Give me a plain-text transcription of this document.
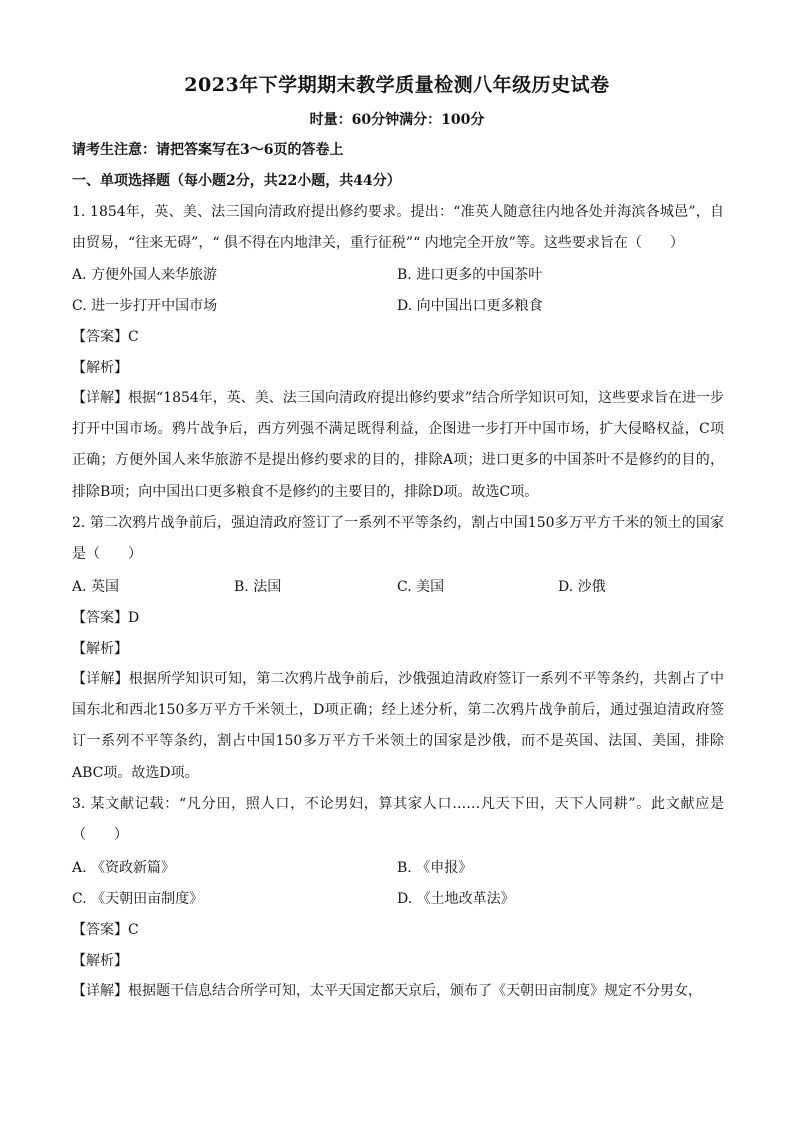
2023年下学期期末教学质量检测八年级历史试卷
时量：60分钟满分：100分
请考生注意：请把答案写在3～6页的答卷上
一、单项选择题（每小题2分，共22小题，共44分）
1. 1854年，英、美、法三国向清政府提出修约要求。提出：“准英人随意往内地各处并海滨各城邑”，自由贸易，“往来无碍”，“ 俱不得在内地津关，重行征税”“ 内地完全开放”等。这些要求旨在（　　）
A. 方便外国人来华旅游	B. 进口更多的中国茶叶
C. 进一步打开中国市场	D. 向中国出口更多粮食
【答案】C
【解析】
【详解】根据“1854年，英、美、法三国向清政府提出修约要求”结合所学知识可知，这些要求旨在进一步打开中国市场。鸦片战争后，西方列强不满足既得利益，企图进一步打开中国市场，扩大侵略权益，C项正确；方便外国人来华旅游不是提出修约要求的目的，排除A项；进口更多的中国茶叶不是修约的目的，排除B项；向中国出口更多粮食不是修约的主要目的，排除D项。故选C项。
2. 第二次鸦片战争前后，强迫清政府签订了一系列不平等条约，割占中国150多万平方千米的领土的国家是（　　）
A. 英国	B. 法国	C. 美国	D. 沙俄
【答案】D
【解析】
【详解】根据所学知识可知，第二次鸦片战争前后，沙俄强迫清政府签订一系列不平等条约，共割占了中国东北和西北150多万平方千米领土，D项正确；经上述分析，第二次鸦片战争前后，通过强迫清政府签订一系列不平等条约，割占中国150多万平方千米领土的国家是沙俄，而不是英国、法国、美国，排除ABC项。故选D项。
3. 某文献记载：“凡分田，照人口，不论男妇，算其家人口……凡天下田，天下人同耕”。此文献应是（　　）
A. 《资政新篇》	B. 《申报》
C. 《天朝田亩制度》	D. 《土地改革法》
【答案】C
【解析】
【详解】根据题干信息结合所学可知，太平天国定都天京后，颁布了《天朝田亩制度》规定不分男女，
